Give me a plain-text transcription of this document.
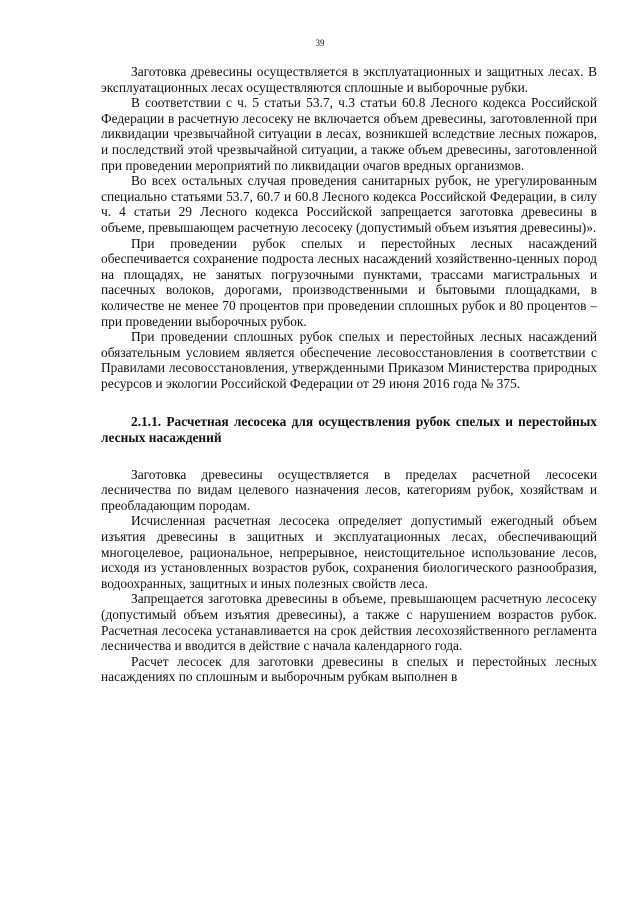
39

Заготовка древесины осуществляется в эксплуатационных и защитных лесах. В эксплуатационных лесах осуществляются сплошные и выборочные рубки.

В соответствии с ч. 5 статьи 53.7, ч.3 статьи 60.8 Лесного кодекса Российской Федерации в расчетную лесосеку не включается объем древесины, заготовленной при ликвидации чрезвычайной ситуации в лесах, возникшей вследствие лесных пожаров, и последствий этой чрезвычайной ситуации, а также объем древесины, заготовленной при проведении мероприятий по ликвидации очагов вредных организмов.

Во всех остальных случая проведения санитарных рубок, не урегулированным специально статьями 53.7, 60.7 и 60.8 Лесного кодекса Российской Федерации, в силу ч. 4 статьи 29 Лесного кодекса Российской запрещается заготовка древесины в объеме, превышающем расчетную лесосеку (допустимый объем изъятия древесины)».

При проведении рубок спелых и перестойных лесных насаждений обеспечивается сохранение подроста лесных насаждений хозяйственно-ценных пород на площадях, не занятых погрузочными пунктами, трассами магистральных и пасечных волоков, дорогами, производственными и бытовыми площадками, в количестве не менее 70 процентов при проведении сплошных рубок и 80 процентов – при проведении выборочных рубок.

При проведении сплошных рубок спелых и перестойных лесных насаждений обязательным условием является обеспечение лесовосстановления в соответствии с Правилами лесовосстановления, утвержденными Приказом Министерства природных ресурсов и экологии Российской Федерации от 29 июня 2016 года № 375.

2.1.1. Расчетная лесосека для осуществления рубок спелых и перестойных лесных насаждений

Заготовка древесины осуществляется в пределах расчетной лесосеки лесничества по видам целевого назначения лесов, категориям рубок, хозяйствам и преобладающим породам.

Исчисленная расчетная лесосека определяет допустимый ежегодный объем изъятия древесины в защитных и эксплуатационных лесах, обеспечивающий многоцелевое, рациональное, непрерывное, неистощительное использование лесов, исходя из установленных возрастов рубок, сохранения биологического разнообразия, водоохранных, защитных и иных полезных свойств леса.

Запрещается заготовка древесины в объеме, превышающем расчетную лесосеку (допустимый объем изъятия древесины), а также с нарушением возрастов рубок. Расчетная лесосека устанавливается на срок действия лесохозяйственного регламента лесничества и вводится в действие с начала календарного года.

Расчет лесосек для заготовки древесины в спелых и перестойных лесных насаждениях по сплошным и выборочным рубкам выполнен в
